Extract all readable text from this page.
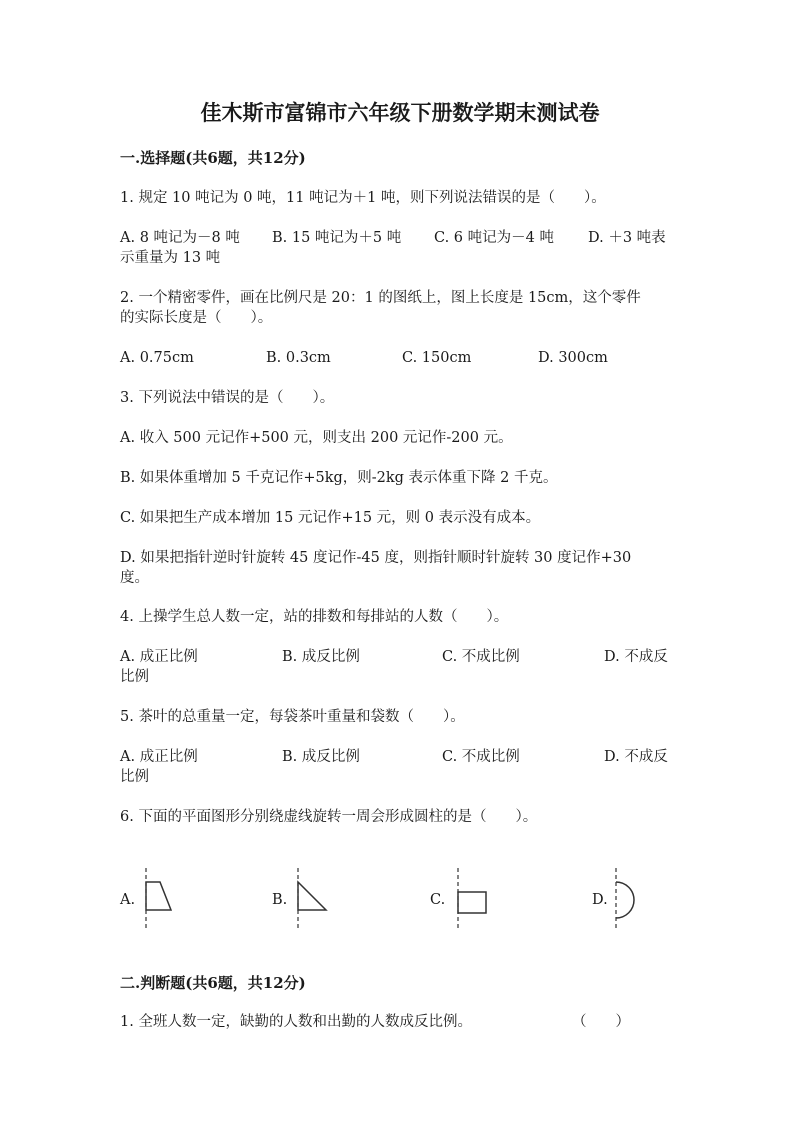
佳木斯市富锦市六年级下册数学期末测试卷
一.选择题(共6题，共12分)
1. 规定 10 吨记为 0 吨，11 吨记为＋1 吨，则下列说法错误的是（　　）。
A. 8 吨记为－8 吨 B. 15 吨记为＋5 吨 C. 6 吨记为－4 吨 D. ＋3 吨表
示重量为 13 吨
2. 一个精密零件，画在比例尺是 20：1 的图纸上，图上长度是 15cm，这个零件
的实际长度是（　　）。
A. 0.75cm	B. 0.3cm	C. 150cm	D. 300cm
3. 下列说法中错误的是（　　）。
A. 收入 500 元记作+500 元，则支出 200 元记作-200 元。
B. 如果体重增加 5 千克记作+5kg，则-2kg 表示体重下降 2 千克。
C. 如果把生产成本增加 15 元记作+15 元，则 0 表示没有成本。
D. 如果把指针逆时针旋转 45 度记作-45 度，则指针顺时针旋转 30 度记作+30
度。
4. 上操学生总人数一定，站的排数和每排站的人数（　　）。
A. 成正比例	B. 成反比例	C. 不成比例	D. 不成反
比例
5. 茶叶的总重量一定，每袋茶叶重量和袋数（　　）。
A. 成正比例	B. 成反比例	C. 不成比例	D. 不成反
比例
6. 下面的平面图形分别绕虚线旋转一周会形成圆柱的是（　　）。
A.	B.	C.	D.
二.判断题(共6题，共12分)
1. 全班人数一定，缺勤的人数和出勤的人数成反比例。	（　　）
